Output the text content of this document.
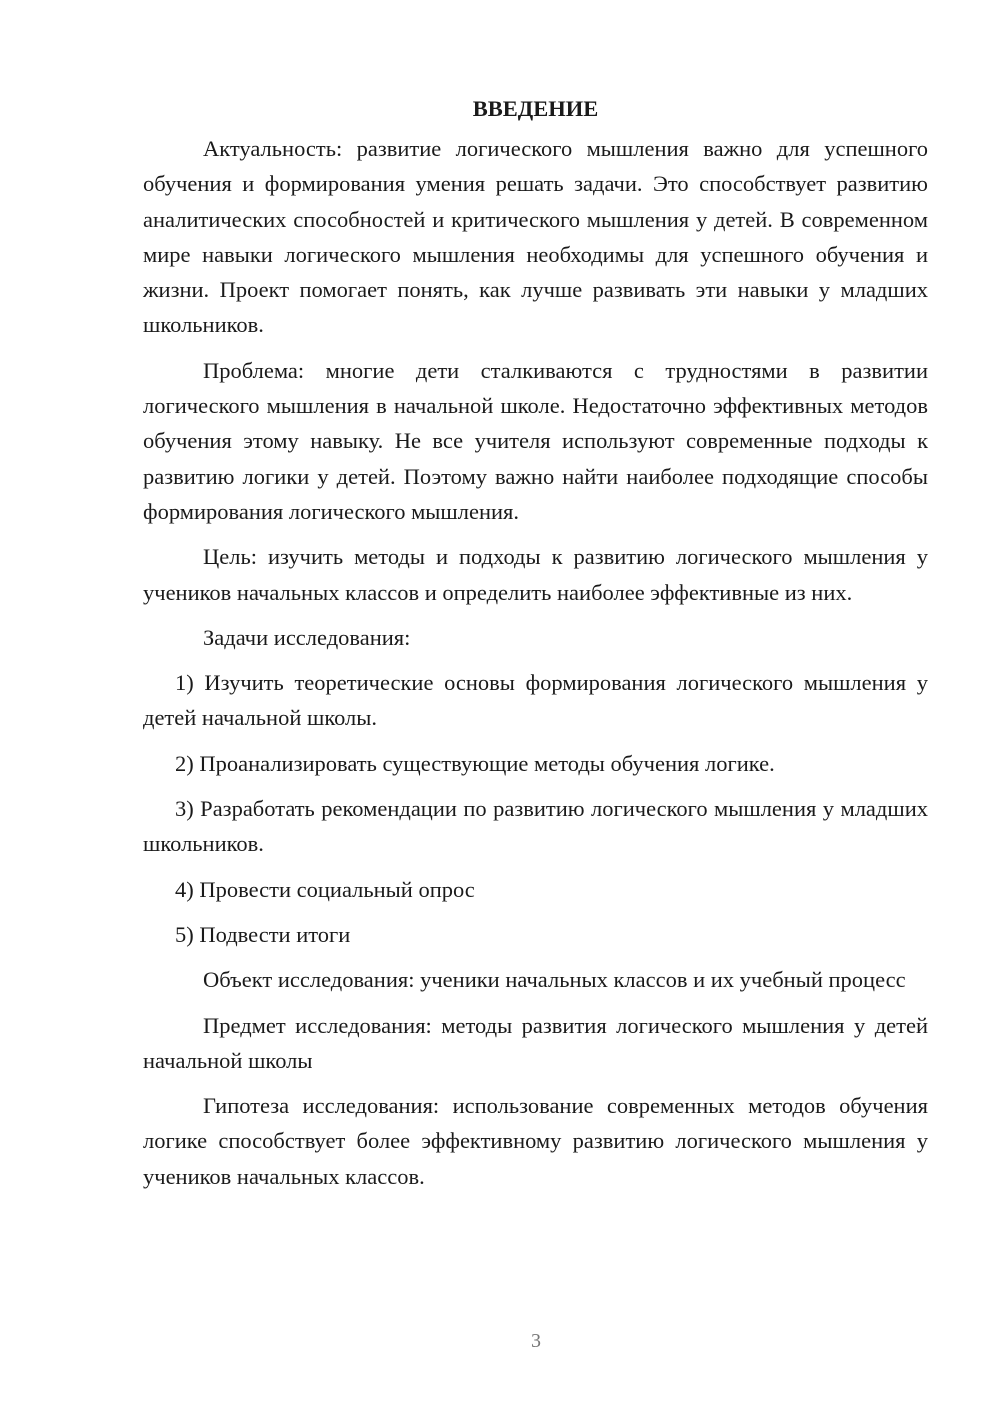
ВВЕДЕНИЕ

Актуальность: развитие логического мышления важно для успешного обучения и формирования умения решать задачи. Это способствует развитию аналитических способностей и критического мышления у детей. В современном мире навыки логического мышления необходимы для успешного обучения и жизни. Проект помогает понять, как лучше развивать эти навыки у младших школьников.

Проблема: многие дети сталкиваются с трудностями в развитии логического мышления в начальной школе. Недостаточно эффективных методов обучения этому навыку. Не все учителя используют современные подходы к развитию логики у детей. Поэтому важно найти наиболее подходящие способы формирования логического мышления.

Цель: изучить методы и подходы к развитию логического мышления у учеников начальных классов и определить наиболее эффективные из них.

Задачи исследования:

1) Изучить теоретические основы формирования логического мышления у детей начальной школы.

2) Проанализировать существующие методы обучения логике.

3) Разработать рекомендации по развитию логического мышления у младших школьников.

4) Провести социальный опрос

5) Подвести итоги

Объект исследования: ученики начальных классов и их учебный процесс

Предмет исследования: методы развития логического мышления у детей начальной школы

Гипотеза исследования: использование современных методов обучения логике способствует более эффективному развитию логического мышления у учеников начальных классов.

3
